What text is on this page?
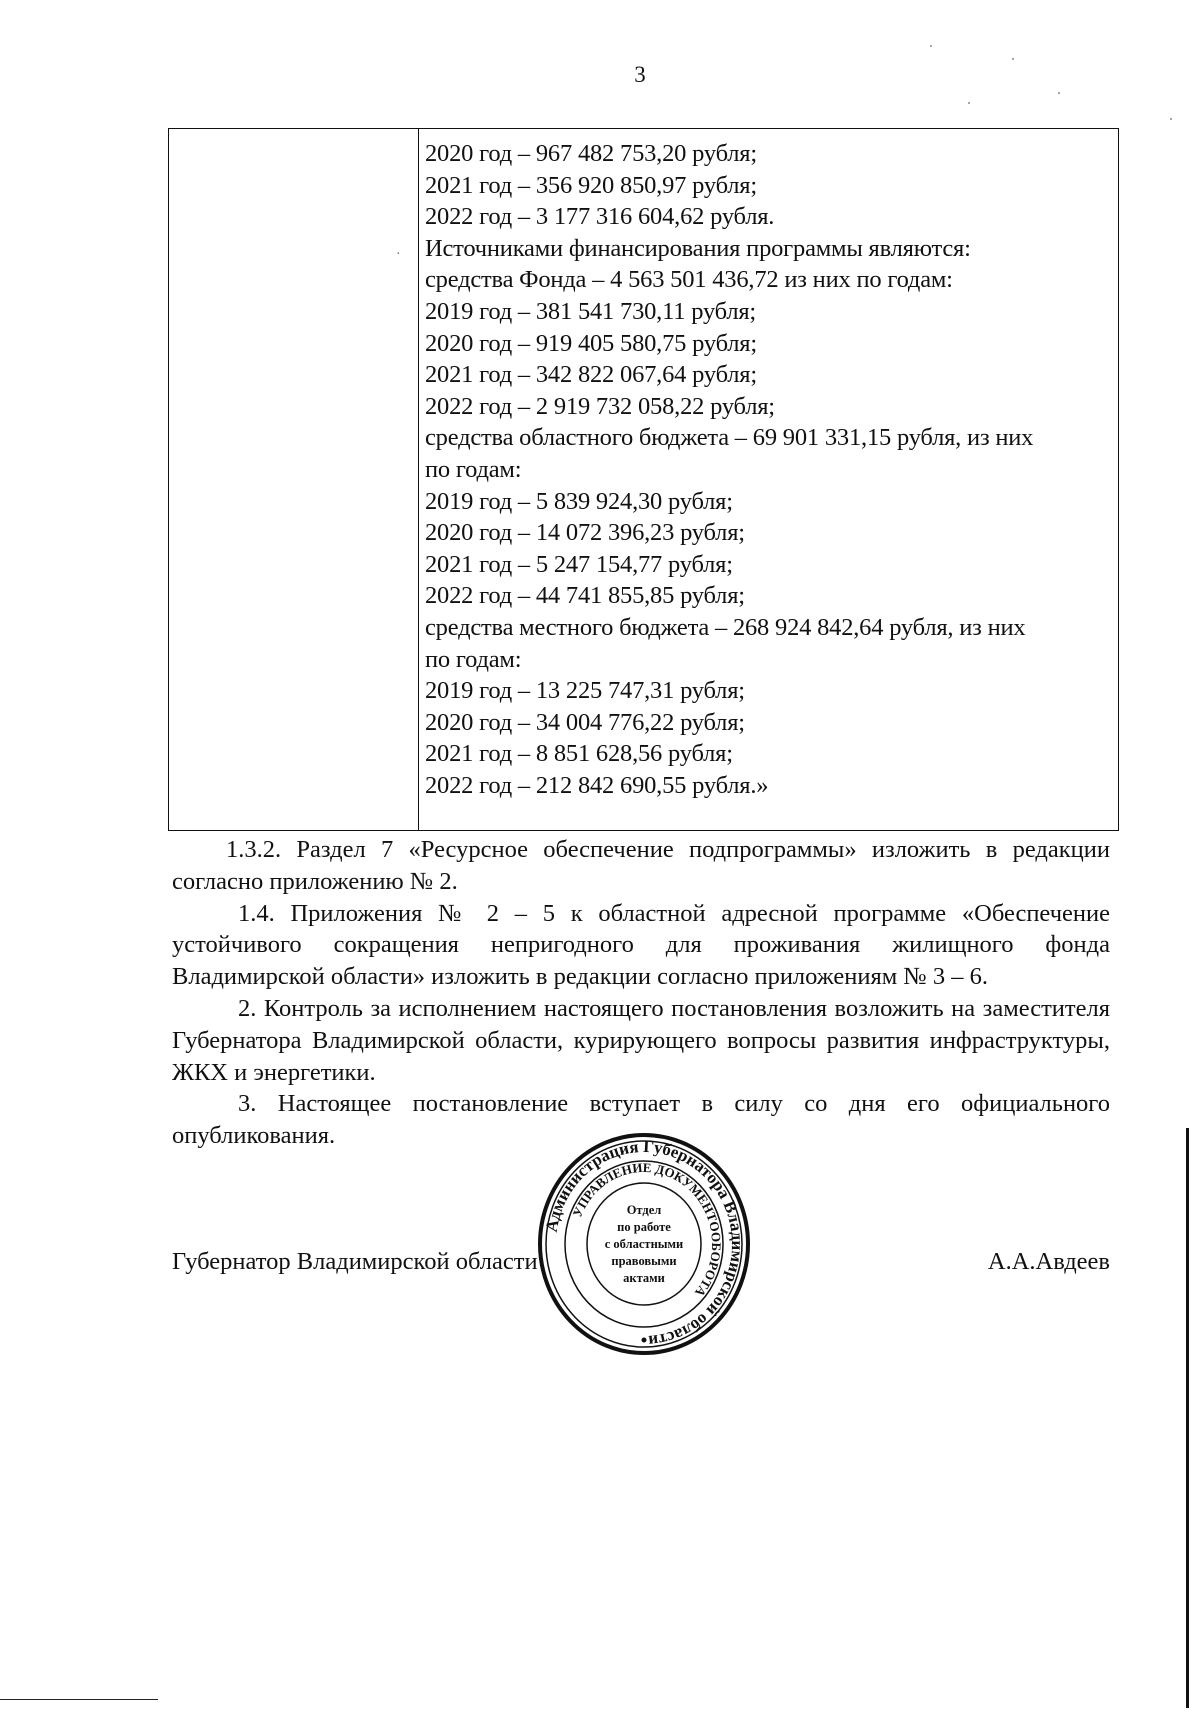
3
·
2020 год – 967 482 753,20 рубля;
2021 год – 356 920 850,97 рубля;
2022 год – 3 177 316 604,62 рубля.
Источниками финансирования программы являются:
средства Фонда – 4 563 501 436,72 из них по годам:
2019 год – 381 541 730,11 рубля;
2020 год – 919 405 580,75 рубля;
2021 год – 342 822 067,64 рубля;
2022 год – 2 919 732 058,22 рубля;
средства областного бюджета – 69 901 331,15 рубля, из них
по годам:
2019 год – 5 839 924,30 рубля;
2020 год – 14 072 396,23 рубля;
2021 год – 5 247 154,77 рубля;
2022 год – 44 741 855,85 рубля;
средства местного бюджета – 268 924 842,64 рубля, из них
по годам:
2019 год – 13 225 747,31 рубля;
2020 год – 34 004 776,22 рубля;
2021 год – 8 851 628,56 рубля;
2022 год – 212 842 690,55 рубля.»

1.3.2. Раздел 7 «Ресурсное обеспечение подпрограммы» изложить в редакции согласно приложению № 2.

1.4. Приложения № 2 – 5 к областной адресной программе «Обеспечение устойчивого сокращения непригодного для проживания жилищного фонда Владимирской области» изложить в редакции согласно приложениям № 3 – 6.

2. Контроль за исполнением настоящего постановления возложить на заместителя Губернатора Владимирской области, курирующего вопросы развития инфраструктуры, ЖКХ и энергетики.

3. Настоящее постановление вступает в силу со дня его официального опубликования.

Губернатор Владимирской области	А.А.Авдеев
Администрация Губернатора Владимирской области
УПРАВЛЕНИЕ ДОКУМЕНТООБОРОТА
Отдел
по работе
с областными
правовыми
актами
